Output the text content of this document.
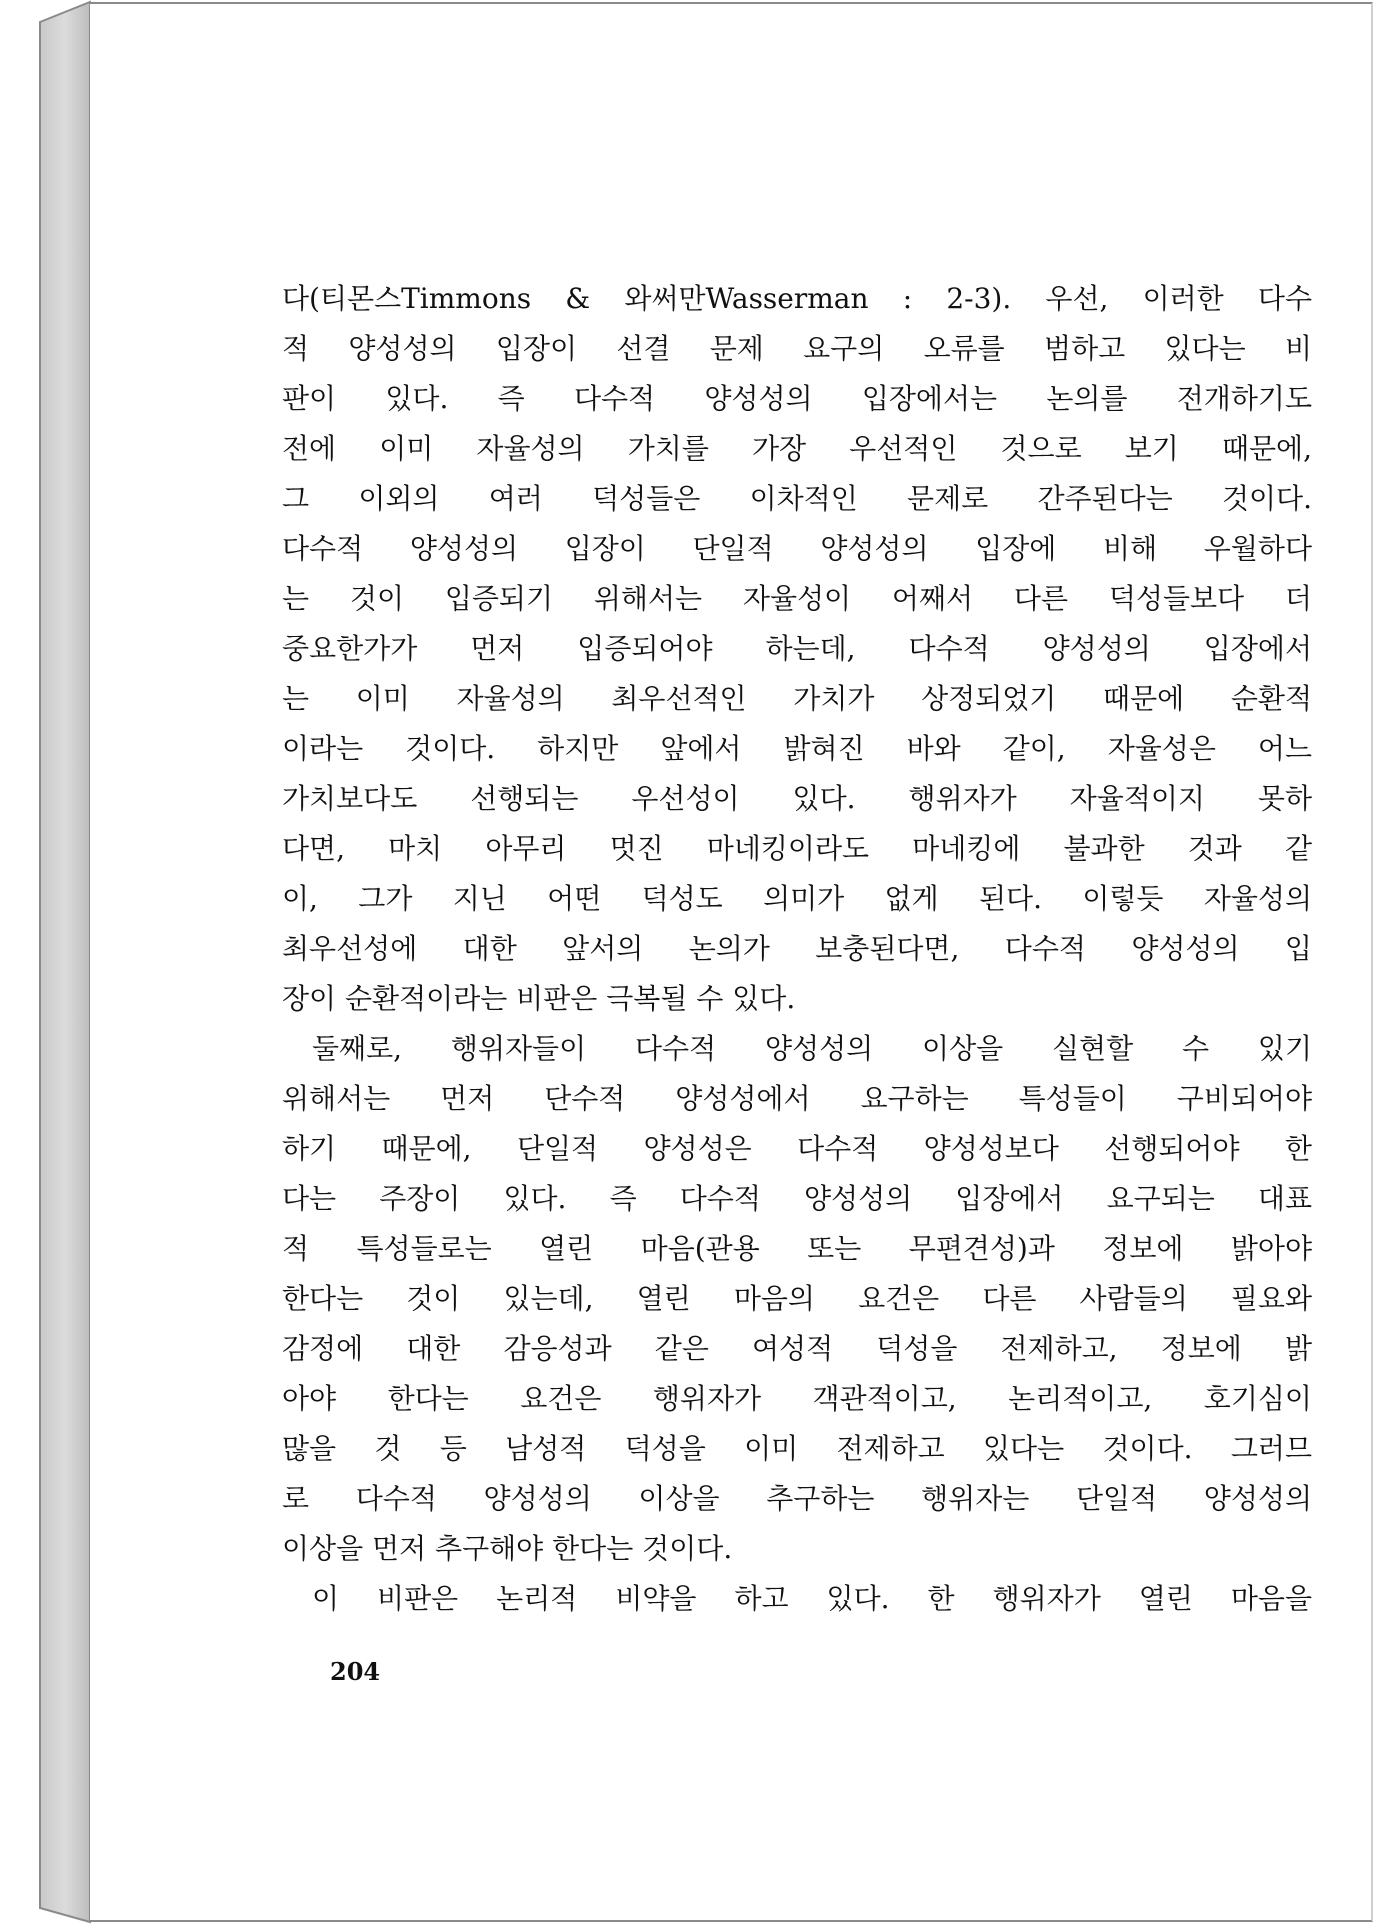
다(티몬스Timmons & 와써만Wasserman : 2-3). 우선, 이러한 다수
적 양성성의 입장이 선결 문제 요구의 오류를 범하고 있다는 비
판이 있다. 즉 다수적 양성성의 입장에서는 논의를 전개하기도
전에 이미 자율성의 가치를 가장 우선적인 것으로 보기 때문에,
그 이외의 여러 덕성들은 이차적인 문제로 간주된다는 것이다.
다수적 양성성의 입장이 단일적 양성성의 입장에 비해 우월하다
는 것이 입증되기 위해서는 자율성이 어째서 다른 덕성들보다 더
중요한가가 먼저 입증되어야 하는데, 다수적 양성성의 입장에서
는 이미 자율성의 최우선적인 가치가 상정되었기 때문에 순환적
이라는 것이다. 하지만 앞에서 밝혀진 바와 같이, 자율성은 어느
가치보다도 선행되는 우선성이 있다. 행위자가 자율적이지 못하
다면, 마치 아무리 멋진 마네킹이라도 마네킹에 불과한 것과 같
이, 그가 지닌 어떤 덕성도 의미가 없게 된다. 이렇듯 자율성의
최우선성에 대한 앞서의 논의가 보충된다면, 다수적 양성성의 입
장이 순환적이라는 비판은 극복될 수 있다.
둘째로, 행위자들이 다수적 양성성의 이상을 실현할 수 있기
위해서는 먼저 단수적 양성성에서 요구하는 특성들이 구비되어야
하기 때문에, 단일적 양성성은 다수적 양성성보다 선행되어야 한
다는 주장이 있다. 즉 다수적 양성성의 입장에서 요구되는 대표
적 특성들로는 열린 마음(관용 또는 무편견성)과 정보에 밝아야
한다는 것이 있는데, 열린 마음의 요건은 다른 사람들의 필요와
감정에 대한 감응성과 같은 여성적 덕성을 전제하고, 정보에 밝
아야 한다는 요건은 행위자가 객관적이고, 논리적이고, 호기심이
많을 것 등 남성적 덕성을 이미 전제하고 있다는 것이다. 그러므
로 다수적 양성성의 이상을 추구하는 행위자는 단일적 양성성의
이상을 먼저 추구해야 한다는 것이다.
이 비판은 논리적 비약을 하고 있다. 한 행위자가 열린 마음을
204
